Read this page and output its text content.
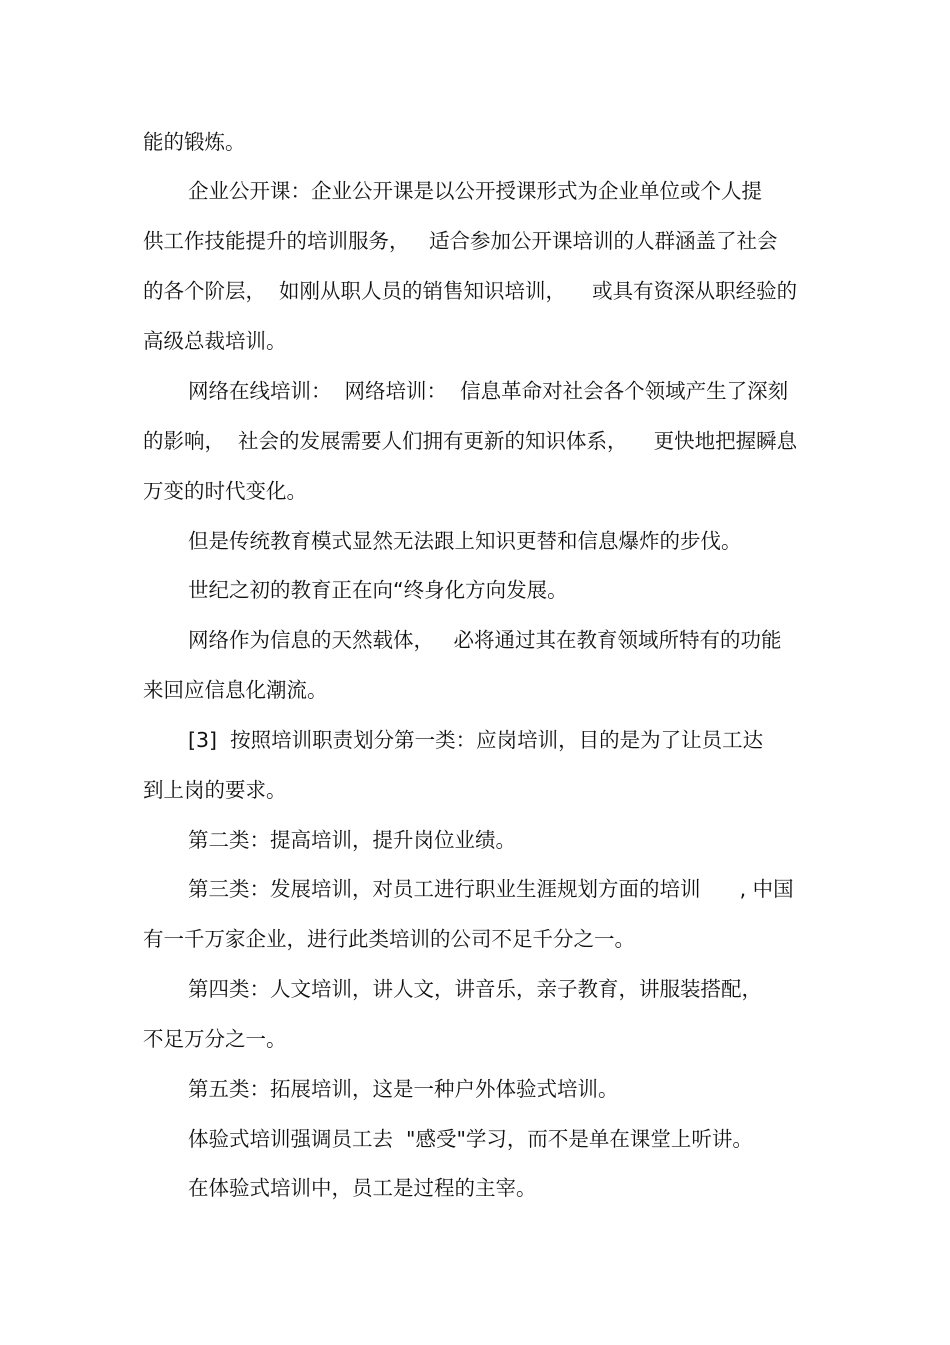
能的锻炼。
企业公开课：企业公开课是以公开授课形式为企业单位或个人提
供工作技能提升的培训服务，   适合参加公开课培训的人群涵盖了社会
的各个阶层，  如刚从职人员的销售知识培训，    或具有资深从职经验的
高级总裁培训。
网络在线培训：  网络培训：  信息革命对社会各个领域产生了深刻
的影响，  社会的发展需要人们拥有更新的知识体系，    更快地把握瞬息
万变的时代变化。
但是传统教育模式显然无法跟上知识更替和信息爆炸的步伐。
世纪之初的教育正在向“终身化方向发展。
网络作为信息的天然载体，   必将通过其在教育领域所特有的功能
来回应信息化潮流。
[3]  按照培训职责划分第一类：应岗培训，目的是为了让员工达
到上岗的要求。
第二类：提高培训，提升岗位业绩。
第三类：发展培训，对员工进行职业生涯规划方面的培训      , 中国
有一千万家企业，进行此类培训的公司不足千分之一。
第四类：人文培训，讲人文，讲音乐，亲子教育，讲服装搭配，
不足万分之一。
第五类：拓展培训，这是一种户外体验式培训。
体验式培训强调员工去  "感受"学习，而不是单在课堂上听讲。
在体验式培训中，员工是过程的主宰。
